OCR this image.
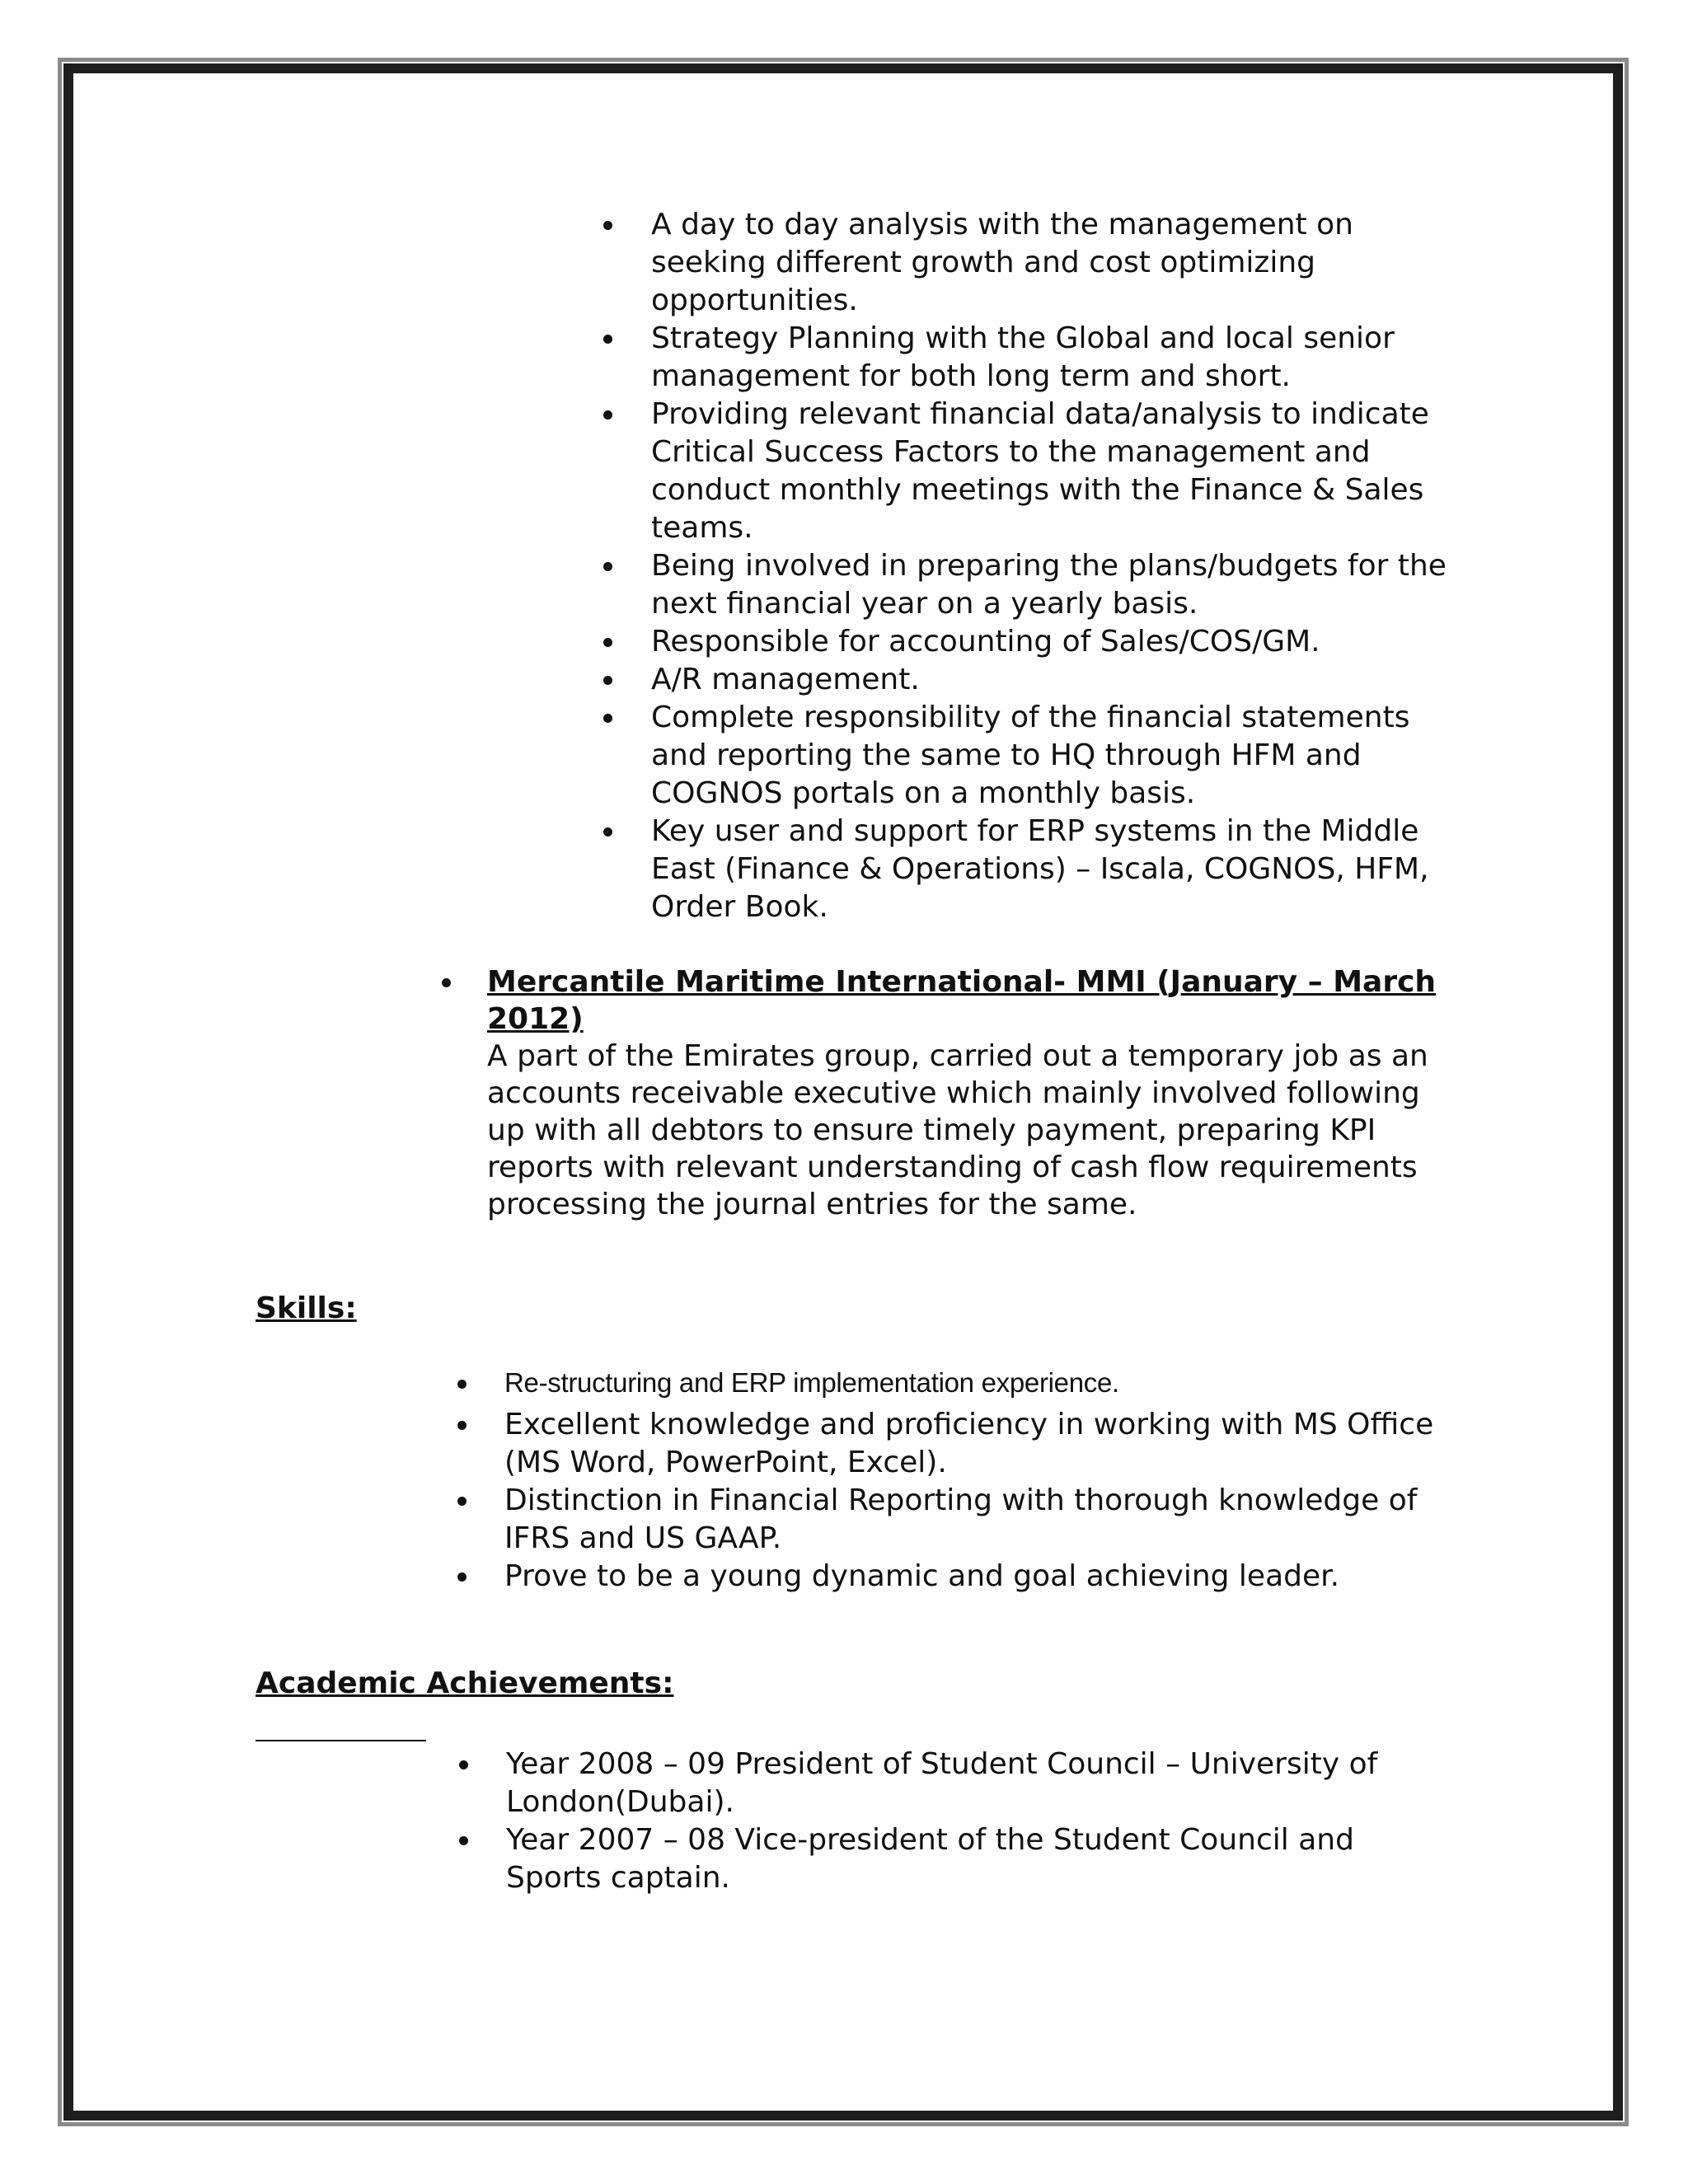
A day to day analysis with the management on seeking different growth and cost optimizing opportunities.
Strategy Planning with the Global and local senior management for both long term and short.
Providing relevant financial data/analysis to indicate Critical Success Factors to the management and conduct monthly meetings with the Finance & Sales teams.
Being involved in preparing the plans/budgets for the next financial year on a yearly basis.
Responsible for accounting of Sales/COS/GM.
A/R management.
Complete responsibility of the financial statements and reporting the same to HQ through HFM and COGNOS portals on a monthly basis.
Key user and support for ERP systems in the Middle East (Finance & Operations) – Iscala, COGNOS, HFM, Order Book.
Mercantile Maritime International- MMI (January – March 2012)
A part of the Emirates group, carried out a temporary job as an accounts receivable executive which mainly involved following up with all debtors to ensure timely payment, preparing KPI reports with relevant understanding of cash flow requirements processing the journal entries for the same.
Skills:
Re-structuring and ERP implementation experience.
Excellent knowledge and proficiency in working with MS Office (MS Word, PowerPoint, Excel).
Distinction in Financial Reporting with thorough knowledge of IFRS and US GAAP.
Prove to be a young dynamic and goal achieving leader.
Academic Achievements:
Year 2008 – 09 President of Student Council – University of London(Dubai).
Year 2007 – 08 Vice-president of the Student Council and Sports captain.
